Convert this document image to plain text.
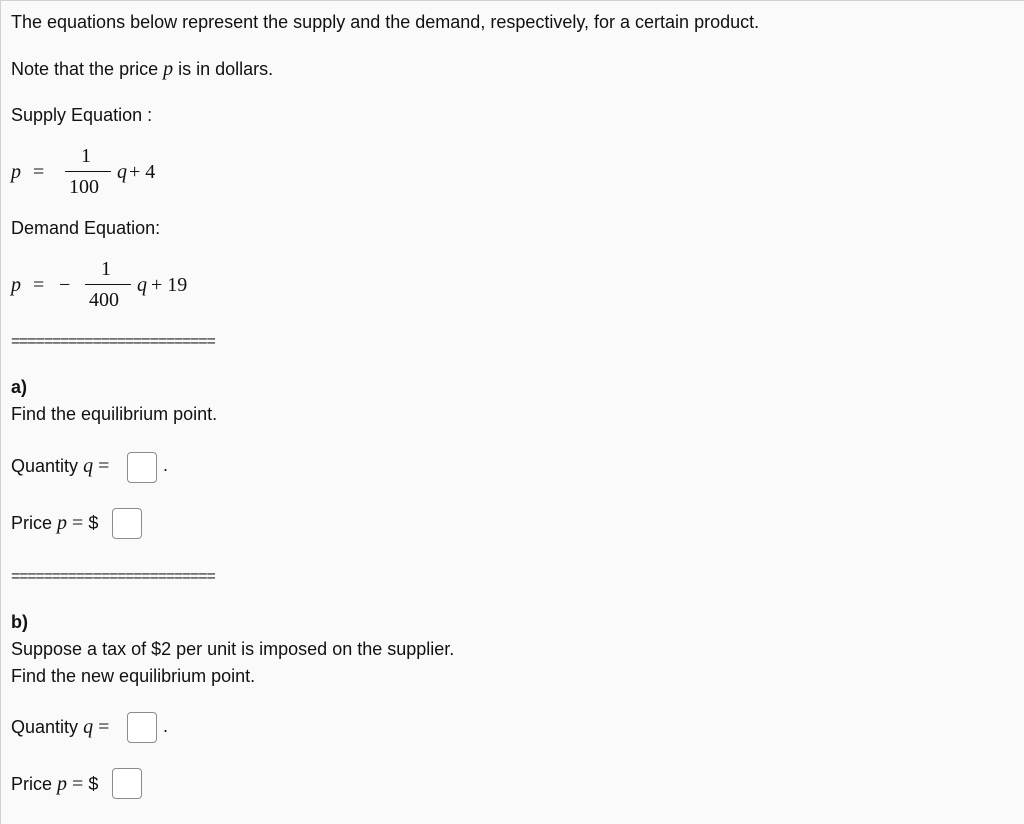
The equations below represent the supply and the demand, respectively, for a certain product.
Note that the price p is in dollars.
Supply Equation :
p =
1
100
q + 4
Demand Equation:
p = −
1
400
q + 19
=========================
a)
Find the equilibrium point.
Quantity q =	.
Price p = $
=========================
b)
Suppose a tax of $2 per unit is imposed on the supplier.
Find the new equilibrium point.
Quantity q =	.
Price p = $
